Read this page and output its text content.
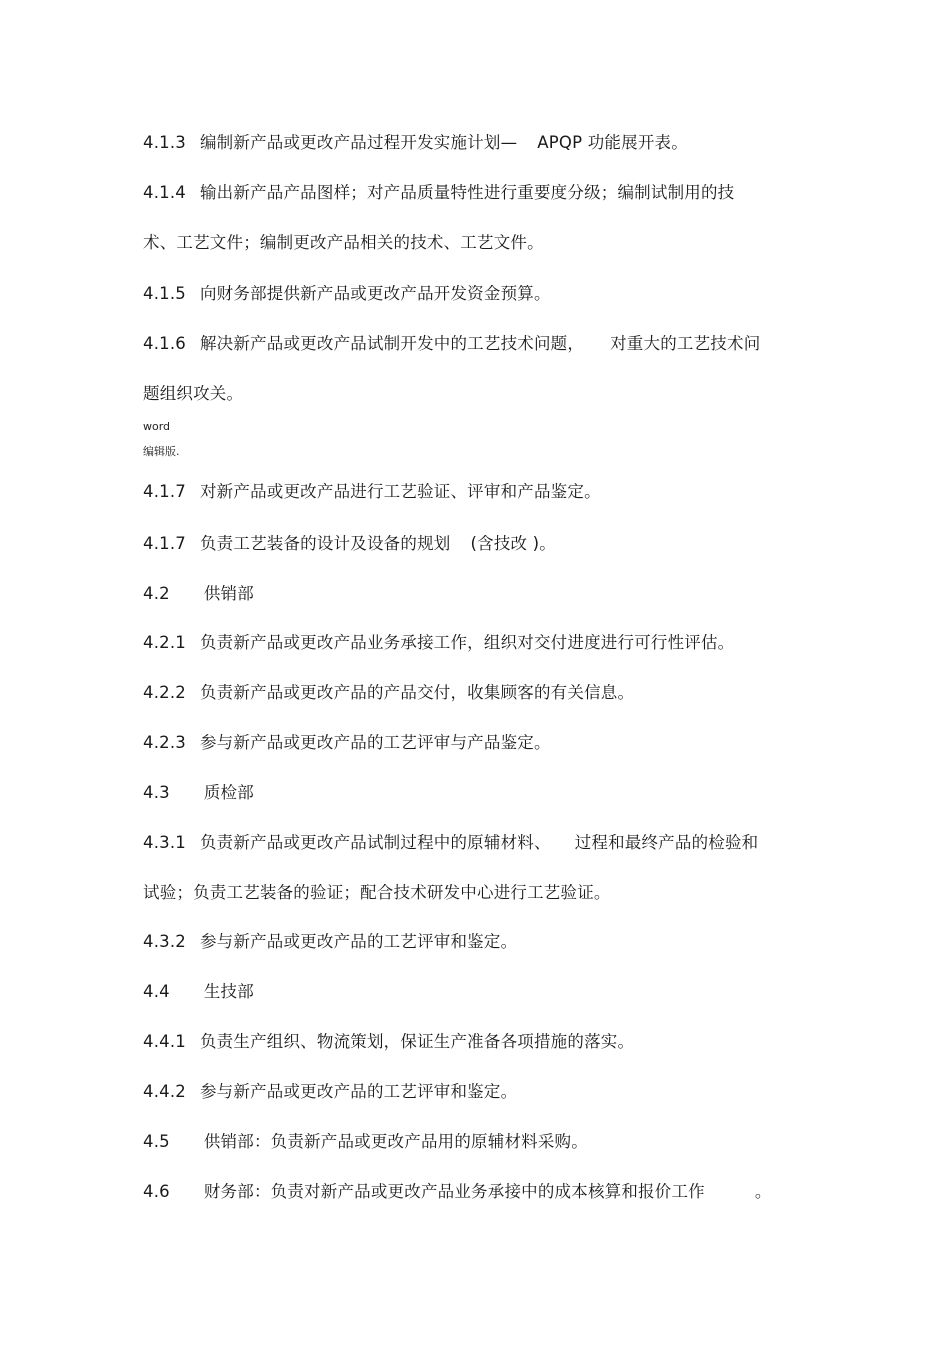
4.1.3 编制新产品或更改产品过程开发实施计划— APQP 功能展开表。
4.1.4 输出新产品产品图样；对产品质量特性进行重要度分级；编制试制用的技
术、工艺文件；编制更改产品相关的技术、工艺文件。
4.1.5 向财务部提供新产品或更改产品开发资金预算。
4.1.6 解决新产品或更改产品试制开发中的工艺技术问题， 对重大的工艺技术问
题组织攻关。
word
编辑版.
4.1.7 对新产品或更改产品进行工艺验证、评审和产品鉴定。
4.1.7 负责工艺装备的设计及设备的规划 (含技改 )。
4.2 供销部
4.2.1 负责新产品或更改产品业务承接工作，组织对交付进度进行可行性评估。
4.2.2 负责新产品或更改产品的产品交付，收集顾客的有关信息。
4.2.3 参与新产品或更改产品的工艺评审与产品鉴定。
4.3 质检部
4.3.1 负责新产品或更改产品试制过程中的原辅材料、 过程和最终产品的检验和
试验；负责工艺装备的验证；配合技术研发中心进行工艺验证。
4.3.2 参与新产品或更改产品的工艺评审和鉴定。
4.4 生技部
4.4.1 负责生产组织、物流策划，保证生产准备各项措施的落实。
4.4.2 参与新产品或更改产品的工艺评审和鉴定。
4.5 供销部：负责新产品或更改产品用的原辅材料采购。
4.6 财务部：负责对新产品或更改产品业务承接中的成本核算和报价工作	。
